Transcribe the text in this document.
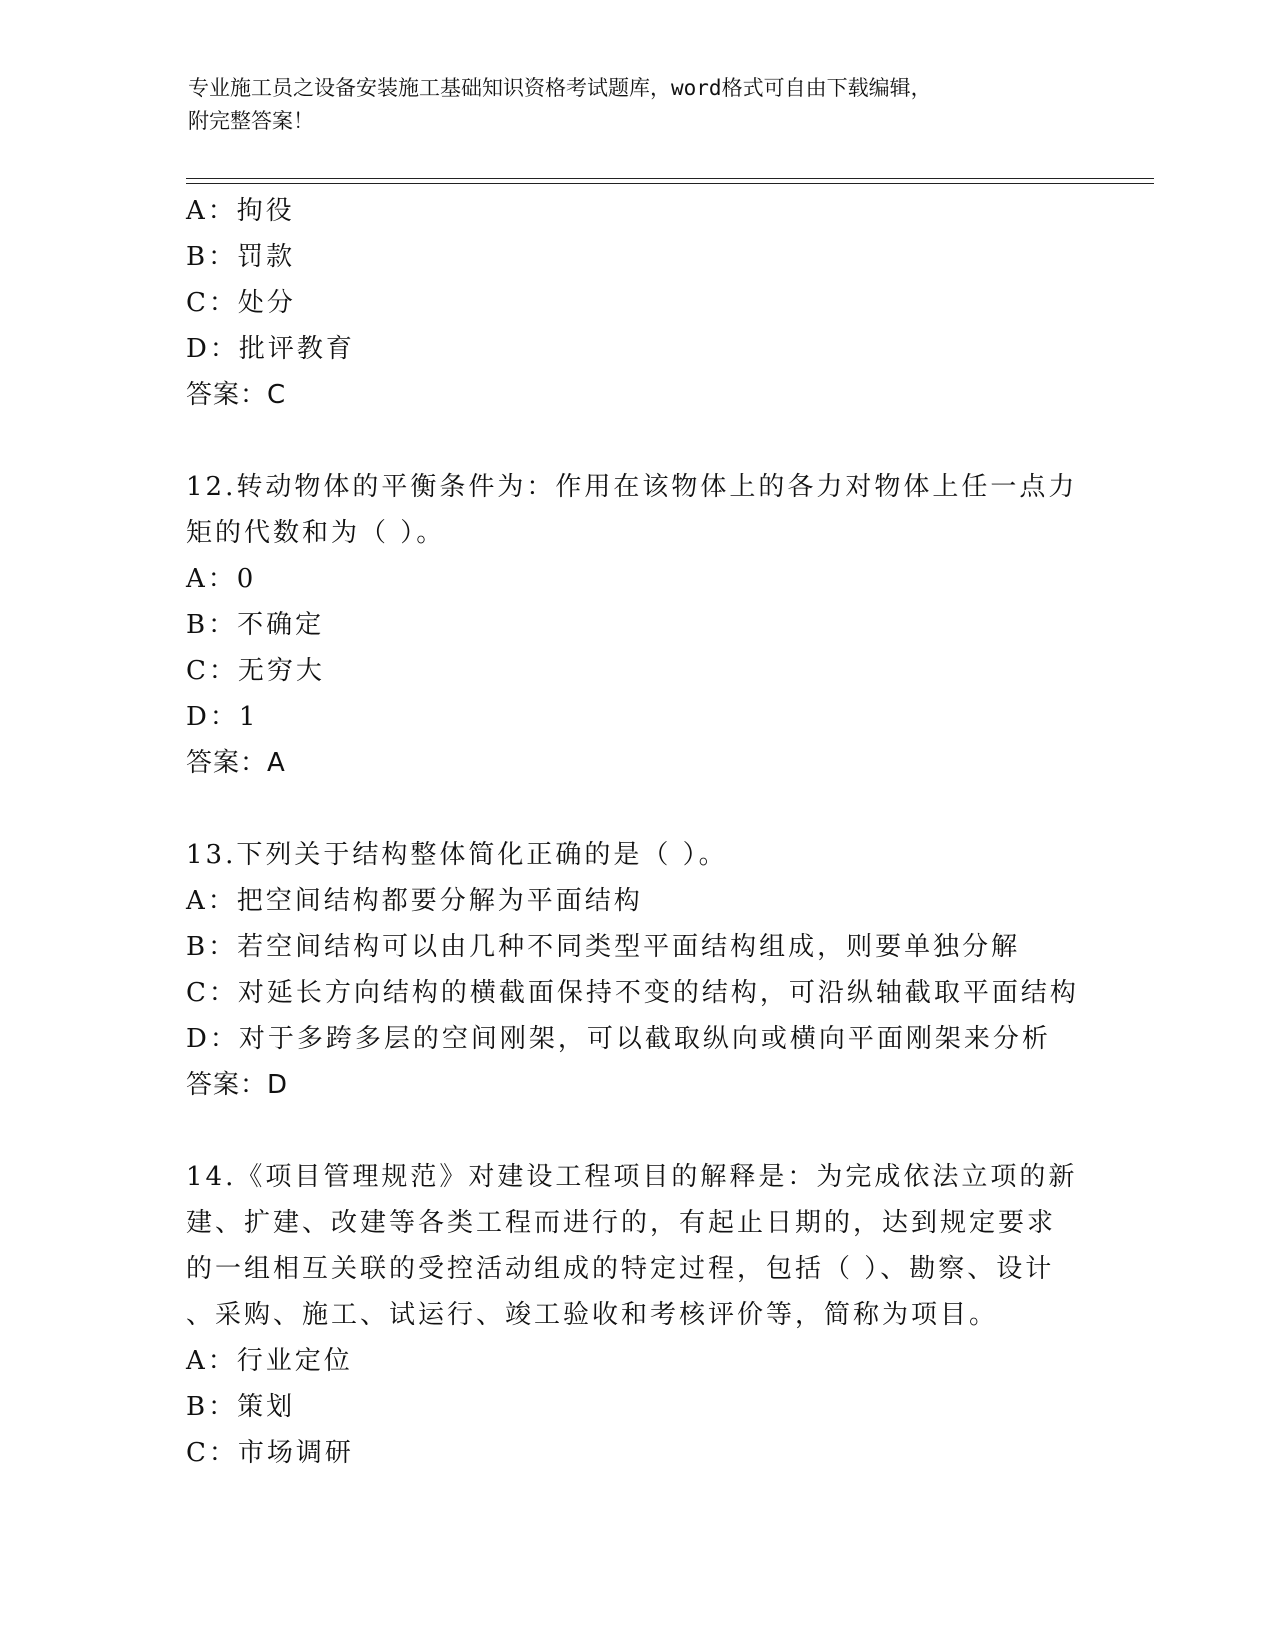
专业施工员之设备安装施工基础知识资格考试题库，word格式可自由下载编辑，
附完整答案！
A：拘役
B：罚款
C：处分
D：批评教育
答案：C
12.转动物体的平衡条件为：作用在该物体上的各力对物体上任一点力
矩的代数和为（ ）。
A：0
B：不确定
C：无穷大
D：1
答案：A
13.下列关于结构整体简化正确的是（ ）。
A：把空间结构都要分解为平面结构
B：若空间结构可以由几种不同类型平面结构组成，则要单独分解
C：对延长方向结构的横截面保持不变的结构，可沿纵轴截取平面结构
D：对于多跨多层的空间刚架，可以截取纵向或横向平面刚架来分析
答案：D
14.《项目管理规范》对建设工程项目的解释是：为完成依法立项的新
建、扩建、改建等各类工程而进行的，有起止日期的，达到规定要求
的一组相互关联的受控活动组成的特定过程，包括（ ）、勘察、设计
、采购、施工、试运行、竣工验收和考核评价等，简称为项目。
A：行业定位
B：策划
C：市场调研
